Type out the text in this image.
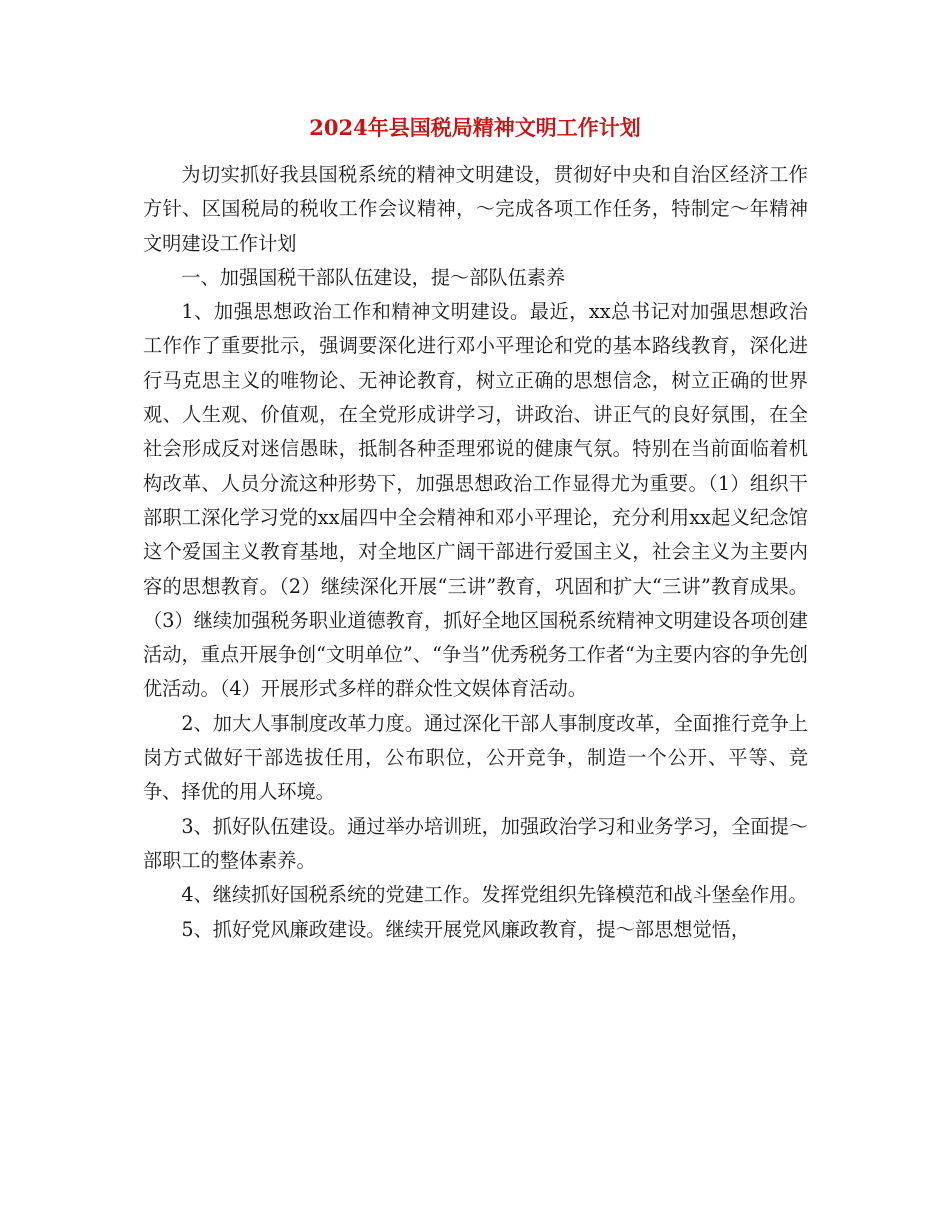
2024年县国税局精神文明工作计划

为切实抓好我县国税系统的精神文明建设，贯彻好中央和自治区经济工作方针、区国税局的税收工作会议精神，～完成各项工作任务，特制定～年精神文明建设工作计划

一、加强国税干部队伍建设，提～部队伍素养

1、加强思想政治工作和精神文明建设。最近，xx总书记对加强思想政治工作作了重要批示，强调要深化进行邓小平理论和党的基本路线教育，深化进行马克思主义的唯物论、无神论教育，树立正确的思想信念，树立正确的世界观、人生观、价值观，在全党形成讲学习，讲政治、讲正气的良好氛围，在全社会形成反对迷信愚昧，抵制各种歪理邪说的健康气氛。特别在当前面临着机构改革、人员分流这种形势下，加强思想政治工作显得尤为重要。（1）组织干部职工深化学习党的xx届四中全会精神和邓小平理论，充分利用xx起义纪念馆这个爱国主义教育基地，对全地区广阔干部进行爱国主义，社会主义为主要内容的思想教育。（2）继续深化开展“三讲”教育，巩固和扩大“三讲”教育成果。（3）继续加强税务职业道德教育，抓好全地区国税系统精神文明建设各项创建活动，重点开展争创“文明单位”、“争当”优秀税务工作者“为主要内容的争先创优活动。（4）开展形式多样的群众性文娱体育活动。

2、加大人事制度改革力度。通过深化干部人事制度改革，全面推行竞争上岗方式做好干部选拔任用，公布职位，公开竞争，制造一个公开、平等、竞争、择优的用人环境。

3、抓好队伍建设。通过举办培训班，加强政治学习和业务学习，全面提～部职工的整体素养。

4、继续抓好国税系统的党建工作。发挥党组织先锋模范和战斗堡垒作用。

5、抓好党风廉政建设。继续开展党风廉政教育，提～部思想觉悟，
